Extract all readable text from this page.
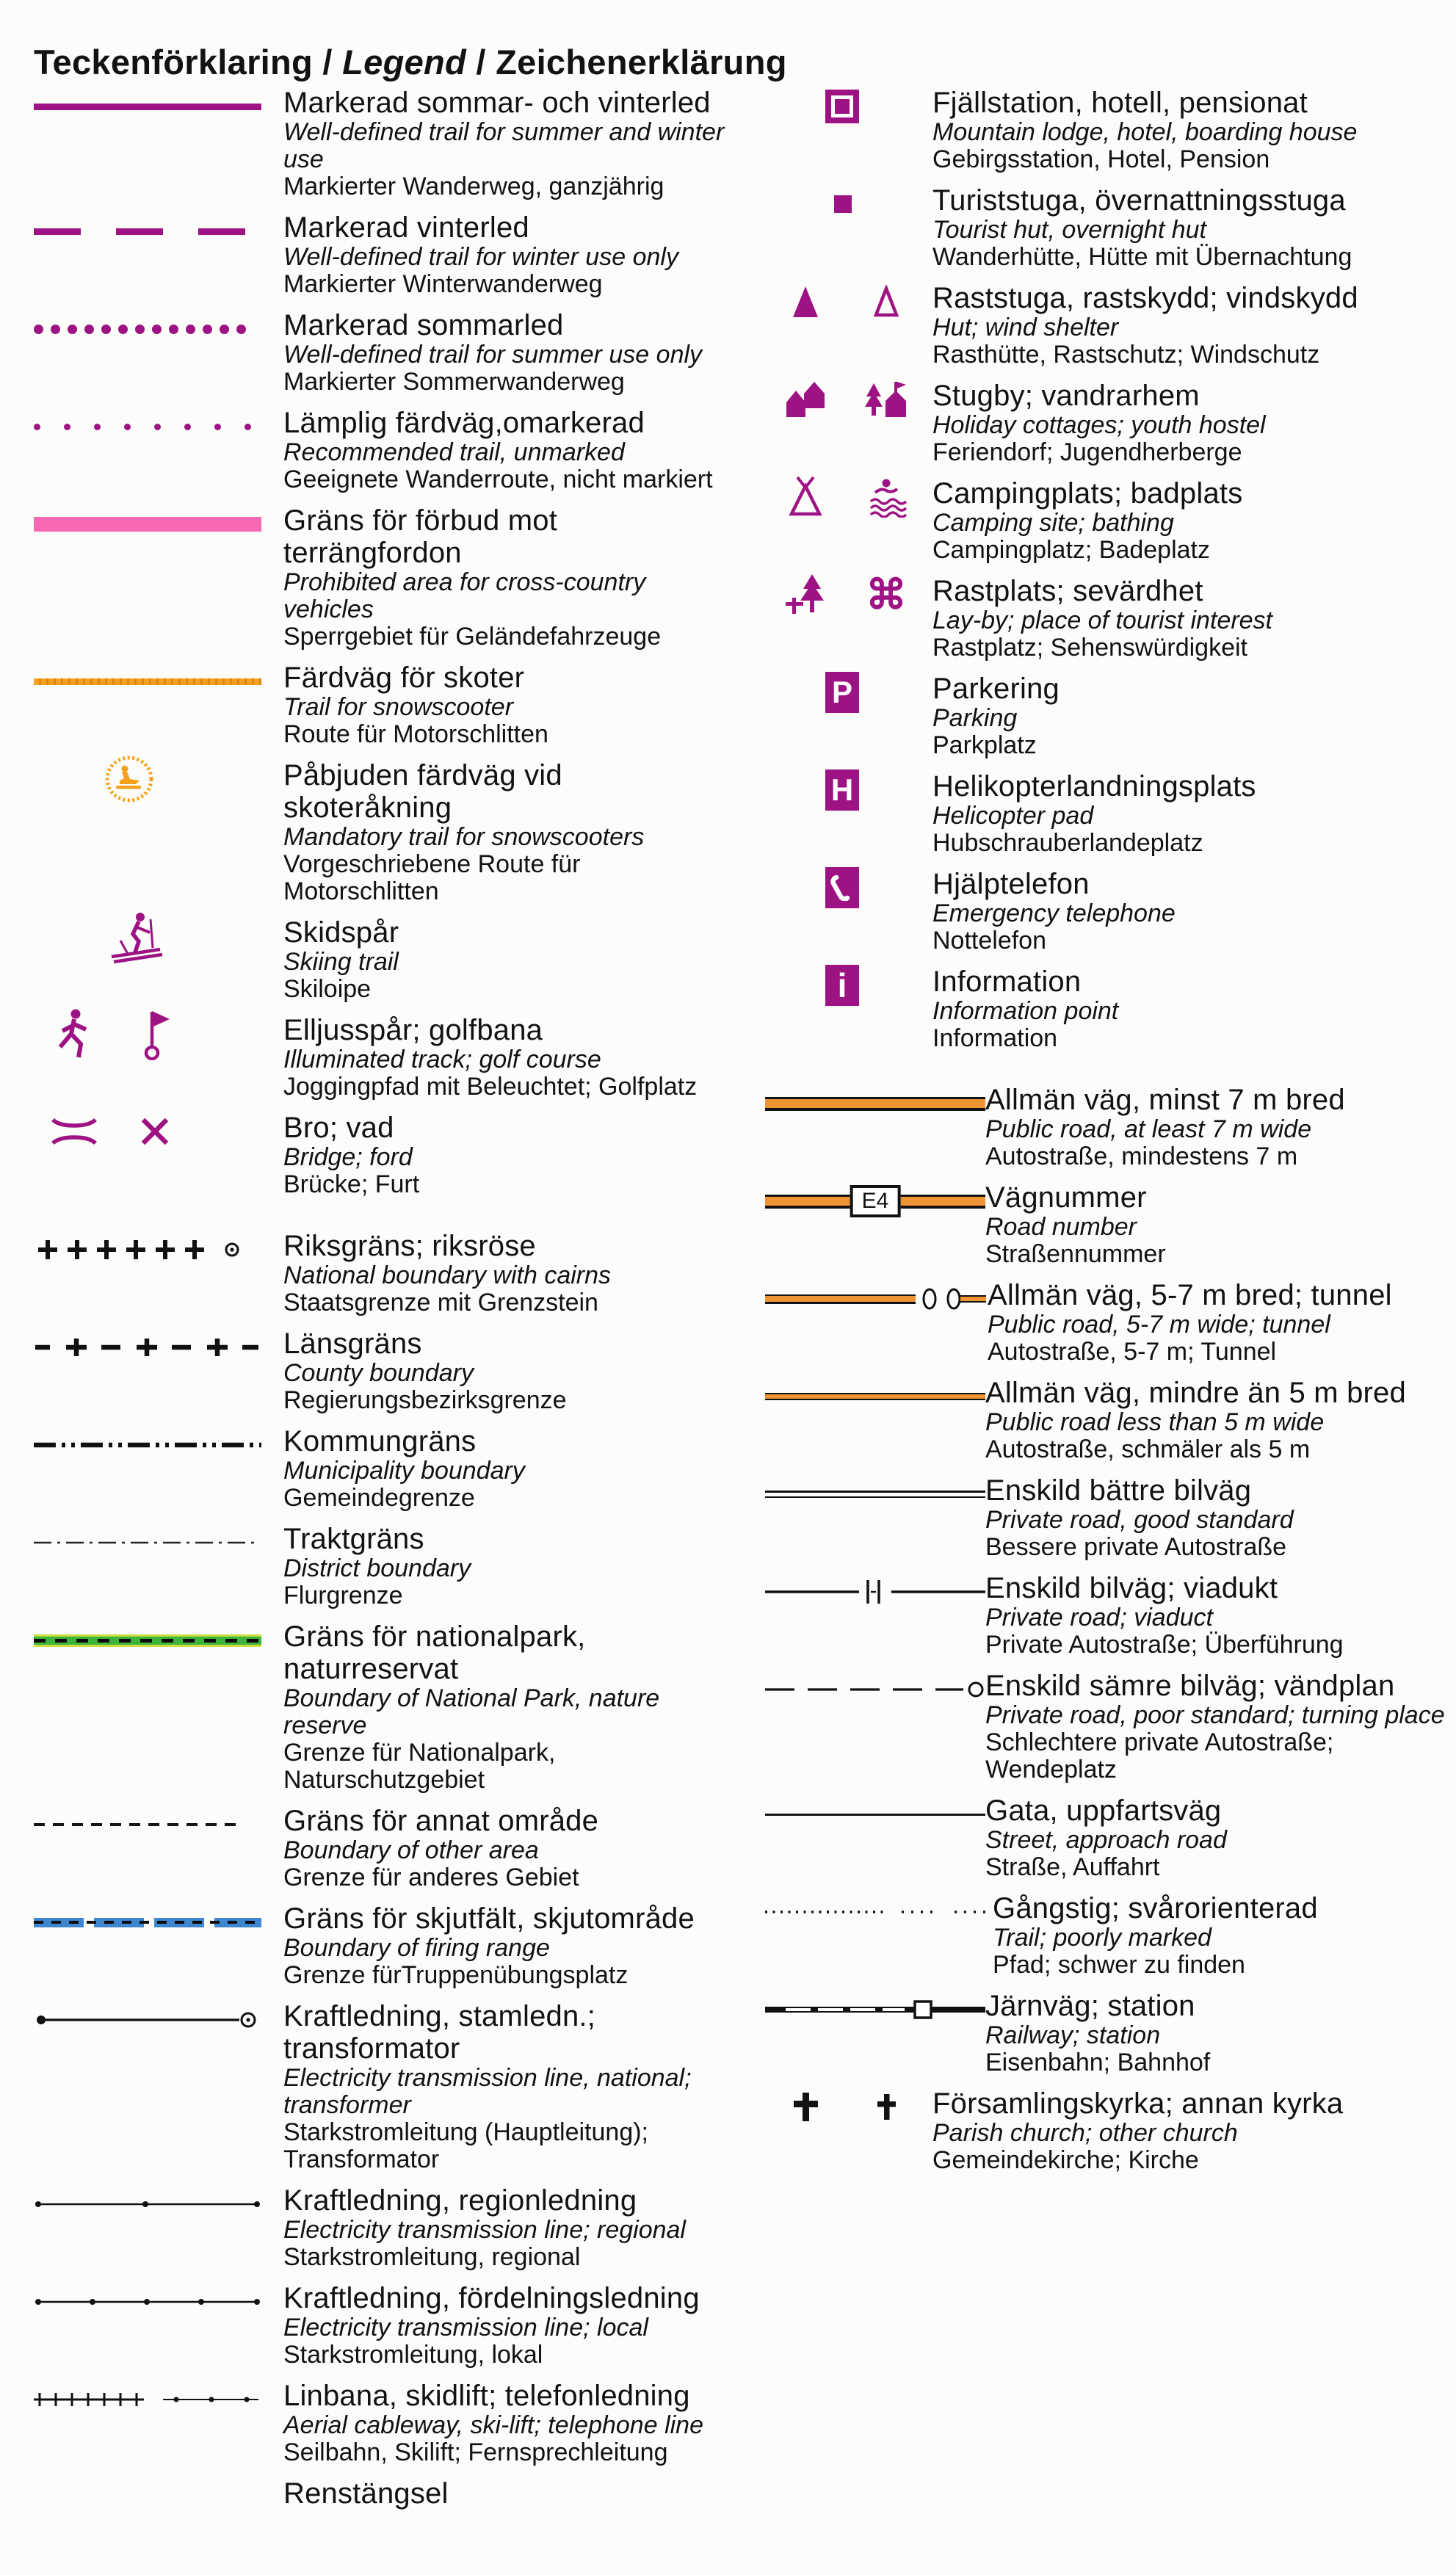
Teckenförklaring / Legend / Zeichenerklärung
Markerad sommar- och vinterled
Well-defined trail for summer and winter use
Markierter Wanderweg, ganzjährig
Markerad vinterled
Well-defined trail for winter use only
Markierter Winterwanderweg
Markerad sommarled
Well-defined trail for summer use only
Markierter Sommerwanderweg
Lämplig färdväg,omarkerad
Recommended trail, unmarked
Geeignete Wanderroute, nicht markiert
Gräns för förbud mot terrängfordon
Prohibited area for cross-country vehicles
Sperrgebiet für Geländefahrzeuge
Färdväg för skoter
Trail for snowscooter
Route für Motorschlitten
Påbjuden färdväg vid skoteråkning
Mandatory trail for snowscooters
Vorgeschriebene Route für Motorschlitten
Skidspår
Skiing trail
Skiloipe
Elljusspår; golfbana
Illuminated track; golf course
Joggingpfad mit Beleuchtet; Golfplatz
Bro; vad
Bridge; ford
Brücke; Furt
Riksgräns; riksröse
National boundary with cairns
Staatsgrenze mit Grenzstein
Länsgräns
County boundary
Regierungsbezirksgrenze
Kommungräns
Municipality boundary
Gemeindegrenze
Traktgräns
District boundary
Flurgrenze
Gräns för nationalpark, naturreservat
Boundary of National Park, nature reserve
Grenze für Nationalpark, Naturschutzgebiet
Gräns för annat område
Boundary of other area
Grenze für anderes Gebiet
Gräns för skjutfält, skjutområde
Boundary of firing range
Grenze fürTruppenübungsplatz
Kraftledning, stamledn.; transformator
Electricity transmission line, national; transformer
Starkstromleitung (Hauptleitung); Transformator
Kraftledning, regionledning
Electricity transmission line; regional
Starkstromleitung, regional
Kraftledning, fördelningsledning
Electricity transmission line; local
Starkstromleitung, lokal
Linbana, skidlift; telefonledning
Aerial cableway, ski-lift; telephone line
Seilbahn, Skilift; Fernsprechleitung
Renstängsel
Fjällstation, hotell, pensionat
Mountain lodge, hotel, boarding house
Gebirgsstation, Hotel, Pension
Turiststuga, övernattningsstuga
Tourist hut, overnight hut
Wanderhütte, Hütte mit Übernachtung
Raststuga, rastskydd; vindskydd
Hut; wind shelter
Rasthütte, Rastschutz; Windschutz
Stugby; vandrarhem
Holiday cottages; youth hostel
Feriendorf; Jugendherberge
Campingplats; badplats
Camping site; bathing
Campingplatz; Badeplatz
⌘ Rastplats; sevärdhet
Lay-by; place of tourist interest
Rastplatz; Sehenswürdigkeit
P	Parkering
Parking
Parkplatz
H	Helikopterlandningsplats
Helicopter pad
Hubschrauberlandeplatz
Hjälptelefon
Emergency telephone
Nottelefon
i	Information
Information point
Information
Allmän väg, minst 7 m bred
Public road, at least 7 m wide
Autostraße, mindestens 7 m
E4	Vägnummer
Road number
Straßennummer
Allmän väg, 5-7 m bred; tunnel
Public road, 5-7 m wide; tunnel
Autostraße, 5-7 m; Tunnel
Allmän väg, mindre än 5 m bred
Public road less than 5 m wide
Autostraße, schmäler als 5 m
Enskild bättre bilväg
Private road, good standard
Bessere private Autostraße
Enskild bilväg; viadukt
Private road; viaduct
Private Autostraße; Überführung
Enskild sämre bilväg; vändplan
Private road, poor standard; turning place
Schlechtere private Autostraße; Wendeplatz
Gata, uppfartsväg
Street, approach road
Straße, Auffahrt
Gångstig; svårorienterad
Trail; poorly marked
Pfad; schwer zu finden
Järnväg; station
Railway; station
Eisenbahn; Bahnhof
Församlingskyrka; annan kyrka
Parish church; other church
Gemeindekirche; Kirche
